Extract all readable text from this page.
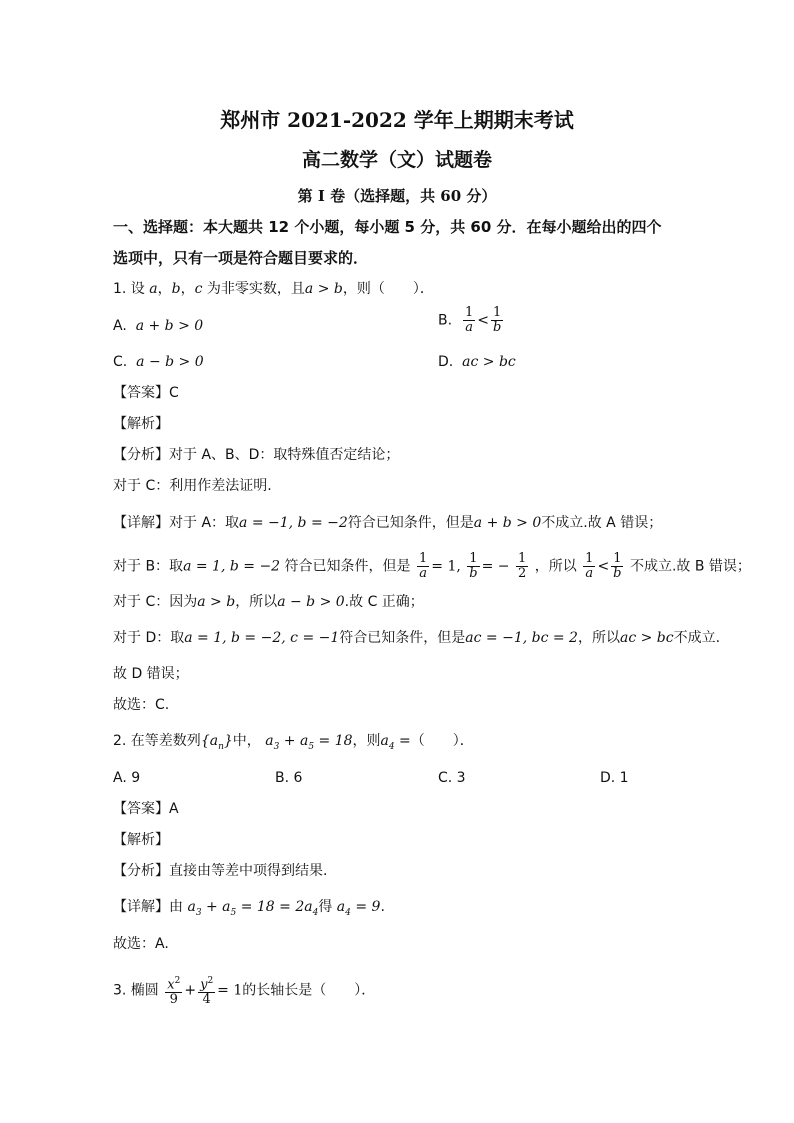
郑州市 2021-2022 学年上期期末考试
高二数学（文）试题卷
第 I 卷（选择题，共 60 分）
一、选择题：本大题共 12 个小题，每小题 5 分，共 60 分．在每小题给出的四个
选项中，只有一项是符合题目要求的．
1. 设 a，b，c 为非零实数，且a > b，则（　　）．
A. a + b > 0	B. $\frac{1}{a} < \frac{1}{b}$
C. a − b > 0	D. ac > bc
【答案】C
【解析】
【分析】对于 A、B、D：取特殊值否定结论；
对于 C：利用作差法证明.
【详解】对于 A：取a = −1, b = −2符合已知条件，但是a + b > 0不成立.故 A 错误；
对于 B：取a = 1, b = −2 符合已知条件，但是 $\frac{1}{a} = 1$, $\frac{1}{b}$ = − $\frac{1}{2}$ ，所以 $\frac{1}{a} < \frac{1}{b}$ 不成立.故 B 错误；
对于 C：因为a > b，所以a − b > 0.故 C 正确；
对于 D：取a = 1, b = −2, c = −1符合已知条件，但是ac = −1, bc = 2，所以ac > bc不成立.
故 D 错误；
故选：C.
2. 在等差数列$\{a_n\}$中， $a_3 + a_5 = 18$，则$a_4$ =（　　）．
A. 9	B. 6	C. 3	D. 1
【答案】A
【解析】
【分析】直接由等差中项得到结果.
【详解】由 $a_3 + a_5 = 18 = 2a_4$得 $a_4 = 9$.
故选：A.
3. 椭圆 $\frac{x^2}{9} + \frac{y^2}{4} = 1$的长轴长是（　　）．
